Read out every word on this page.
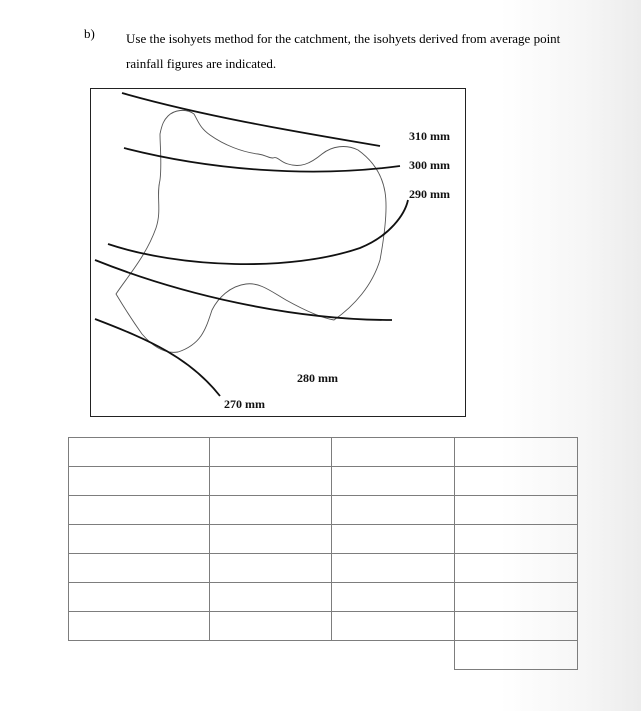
b) Use the isohyets method for the catchment, the isohyets derived from average point
rainfall figures are indicated.
310 mm
300 mm
290 mm
280 mm
270 mm
